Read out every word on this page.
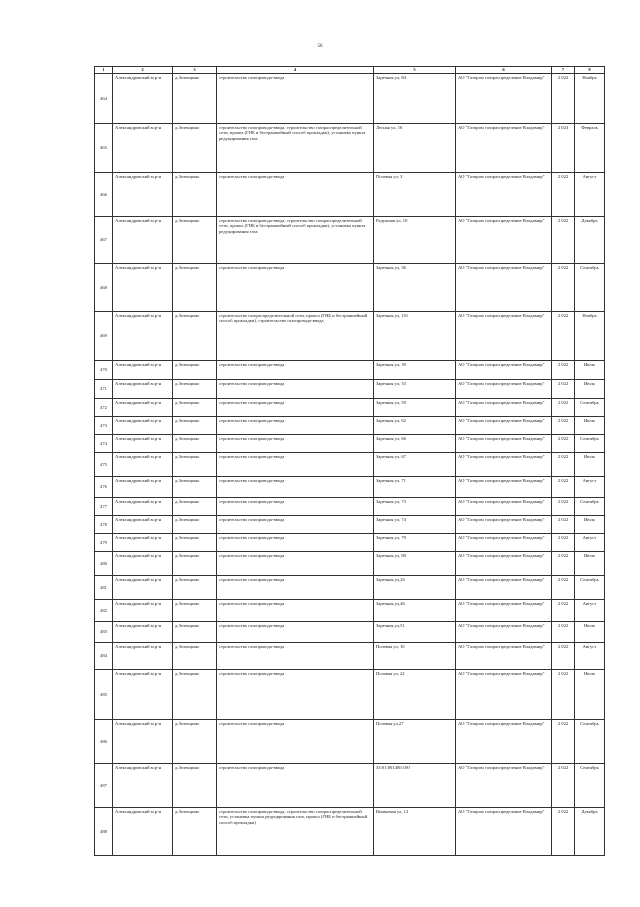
56
1	2	3	4	5	6	7	8
464	Александровский м.р-н	д.Зеленцино	строительство газопровода-ввода	Заречная ул, 84	АО "Газпром газораспределение Владимир"	2 022	Ноябрь
465	Александровский м.р-н	д.Зеленцино	строительство газопровода-ввода, строительство газораспределительной сети, прокол (ГНБ и бестраншейный способ прокладки), установка пункта редуцирования газа	Лесная ул, 16	АО "Газпром газораспределение Владимир"	2 023	Февраль
466	Александровский м.р-н	д.Зеленцино	строительство газопровода-ввода	Полевая ул, 3	АО "Газпром газораспределение Владимир"	2 022	Август
467	Александровский м.р-н	д.Зеленцино	строительство газопровода-ввода, строительство газораспределительной сети, прокол (ГНБ и бестраншейный способ прокладки), установка пункта редуцирования газа	Радужная ул, 10	АО "Газпром газораспределение Владимир"	2 022	Декабрь
468	Александровский м.р-н	д.Зеленцино	строительство газопровода-ввода	Заречная ул, 36	АО "Газпром газораспределение Владимир"	2 022	Сентябрь
469	Александровский м.р-н	д.Зеленцино	строительство газораспределительной сети, прокол (ГНБ и бестраншейный способ прокладки), строительство газопровода-ввода	Заречная ул, 101	АО "Газпром газораспределение Владимир"	2 022	Ноябрь
470	Александровский м.р-н	д.Зеленцино	строительство газопровода-ввода	Заречная ул, 39	АО "Газпром газораспределение Владимир"	2 022	Июль
471	Александровский м.р-н	д.Зеленцино	строительство газопровода-ввода	Заречная ул, 53	АО "Газпром газораспределение Владимир"	2 022	Июль
472	Александровский м.р-н	д.Зеленцино	строительство газопровода-ввода	Заречная ул, 59	АО "Газпром газораспределение Владимир"	2 022	Сентябрь
473	Александровский м.р-н	д.Зеленцино	строительство газопровода-ввода	Заречная ул, 62	АО "Газпром газораспределение Владимир"	2 022	Июль
474	Александровский м.р-н	д.Зеленцино	строительство газопровода-ввода	Заречная ул, 66	АО "Газпром газораспределение Владимир"	2 022	Сентябрь
475	Александровский м.р-н	д.Зеленцино	строительство газопровода-ввода	Заречная ул, 67	АО "Газпром газораспределение Владимир"	2 022	Июль
476	Александровский м.р-н	д.Зеленцино	строительство газопровода-ввода	Заречная ул, 71	АО "Газпром газораспределение Владимир"	2 022	Август
477	Александровский м.р-н	д.Зеленцино	строительство газопровода-ввода	Заречная ул, 73	АО "Газпром газораспределение Владимир"	2 022	Сентябрь
478	Александровский м.р-н	д.Зеленцино	строительство газопровода-ввода	Заречная ул, 74	АО "Газпром газораспределение Владимир"	2 022	Июль
479	Александровский м.р-н	д.Зеленцино	строительство газопровода-ввода	Заречная ул, 79	АО "Газпром газораспределение Владимир"	2 022	Август
480	Александровский м.р-н	д.Зеленцино	строительство газопровода-ввода	Заречная ул, 80	АО "Газпром газораспределение Владимир"	2 022	Июль
481	Александровский м.р-н	д.Зеленцино	строительство газопровода-ввода	Заречная ул,26	АО "Газпром газораспределение Владимир"	2 022	Сентябрь
482	Александровский м.р-н	д.Зеленцино	строительство газопровода-ввода	Заречная ул,46	АО "Газпром газораспределение Владимир"	2 022	Август
483	Александровский м.р-н	д.Зеленцино	строительство газопровода-ввода	Заречная ул,51	АО "Газпром газораспределение Владимир"	2 022	Июль
484	Александровский м.р-н	д.Зеленцино	строительство газопровода-ввода	Полевая ул, 10	АО "Газпром газораспределение Владимир"	2 022	Август
485	Александровский м.р-н	д.Зеленцино	строительство газопровода-ввода	Полевая ул, 22	АО "Газпром газораспределение Владимир"	2 022	Июль
486	Александровский м.р-н	д.Зеленцино	строительство газопровода-ввода	Полевая ул,27	АО "Газпром газораспределение Владимир"	2 022	Сентябрь
487	Александровский м.р-н	д.Зеленцино	строительство газопровода-ввода	33:01:001400:100	АО "Газпром газораспределение Владимир"	2 022	Сентябрь
488	Александровский м.р-н	д.Зеленцино	строительство газопровода-ввода, строительство газораспределительной сети, установка пункта редуцирования газа, прокол (ГНБ и бестраншейный способ прокладки)	Вишневая ул, 12	АО "Газпром газораспределение Владимир"	2 022	Декабрь
